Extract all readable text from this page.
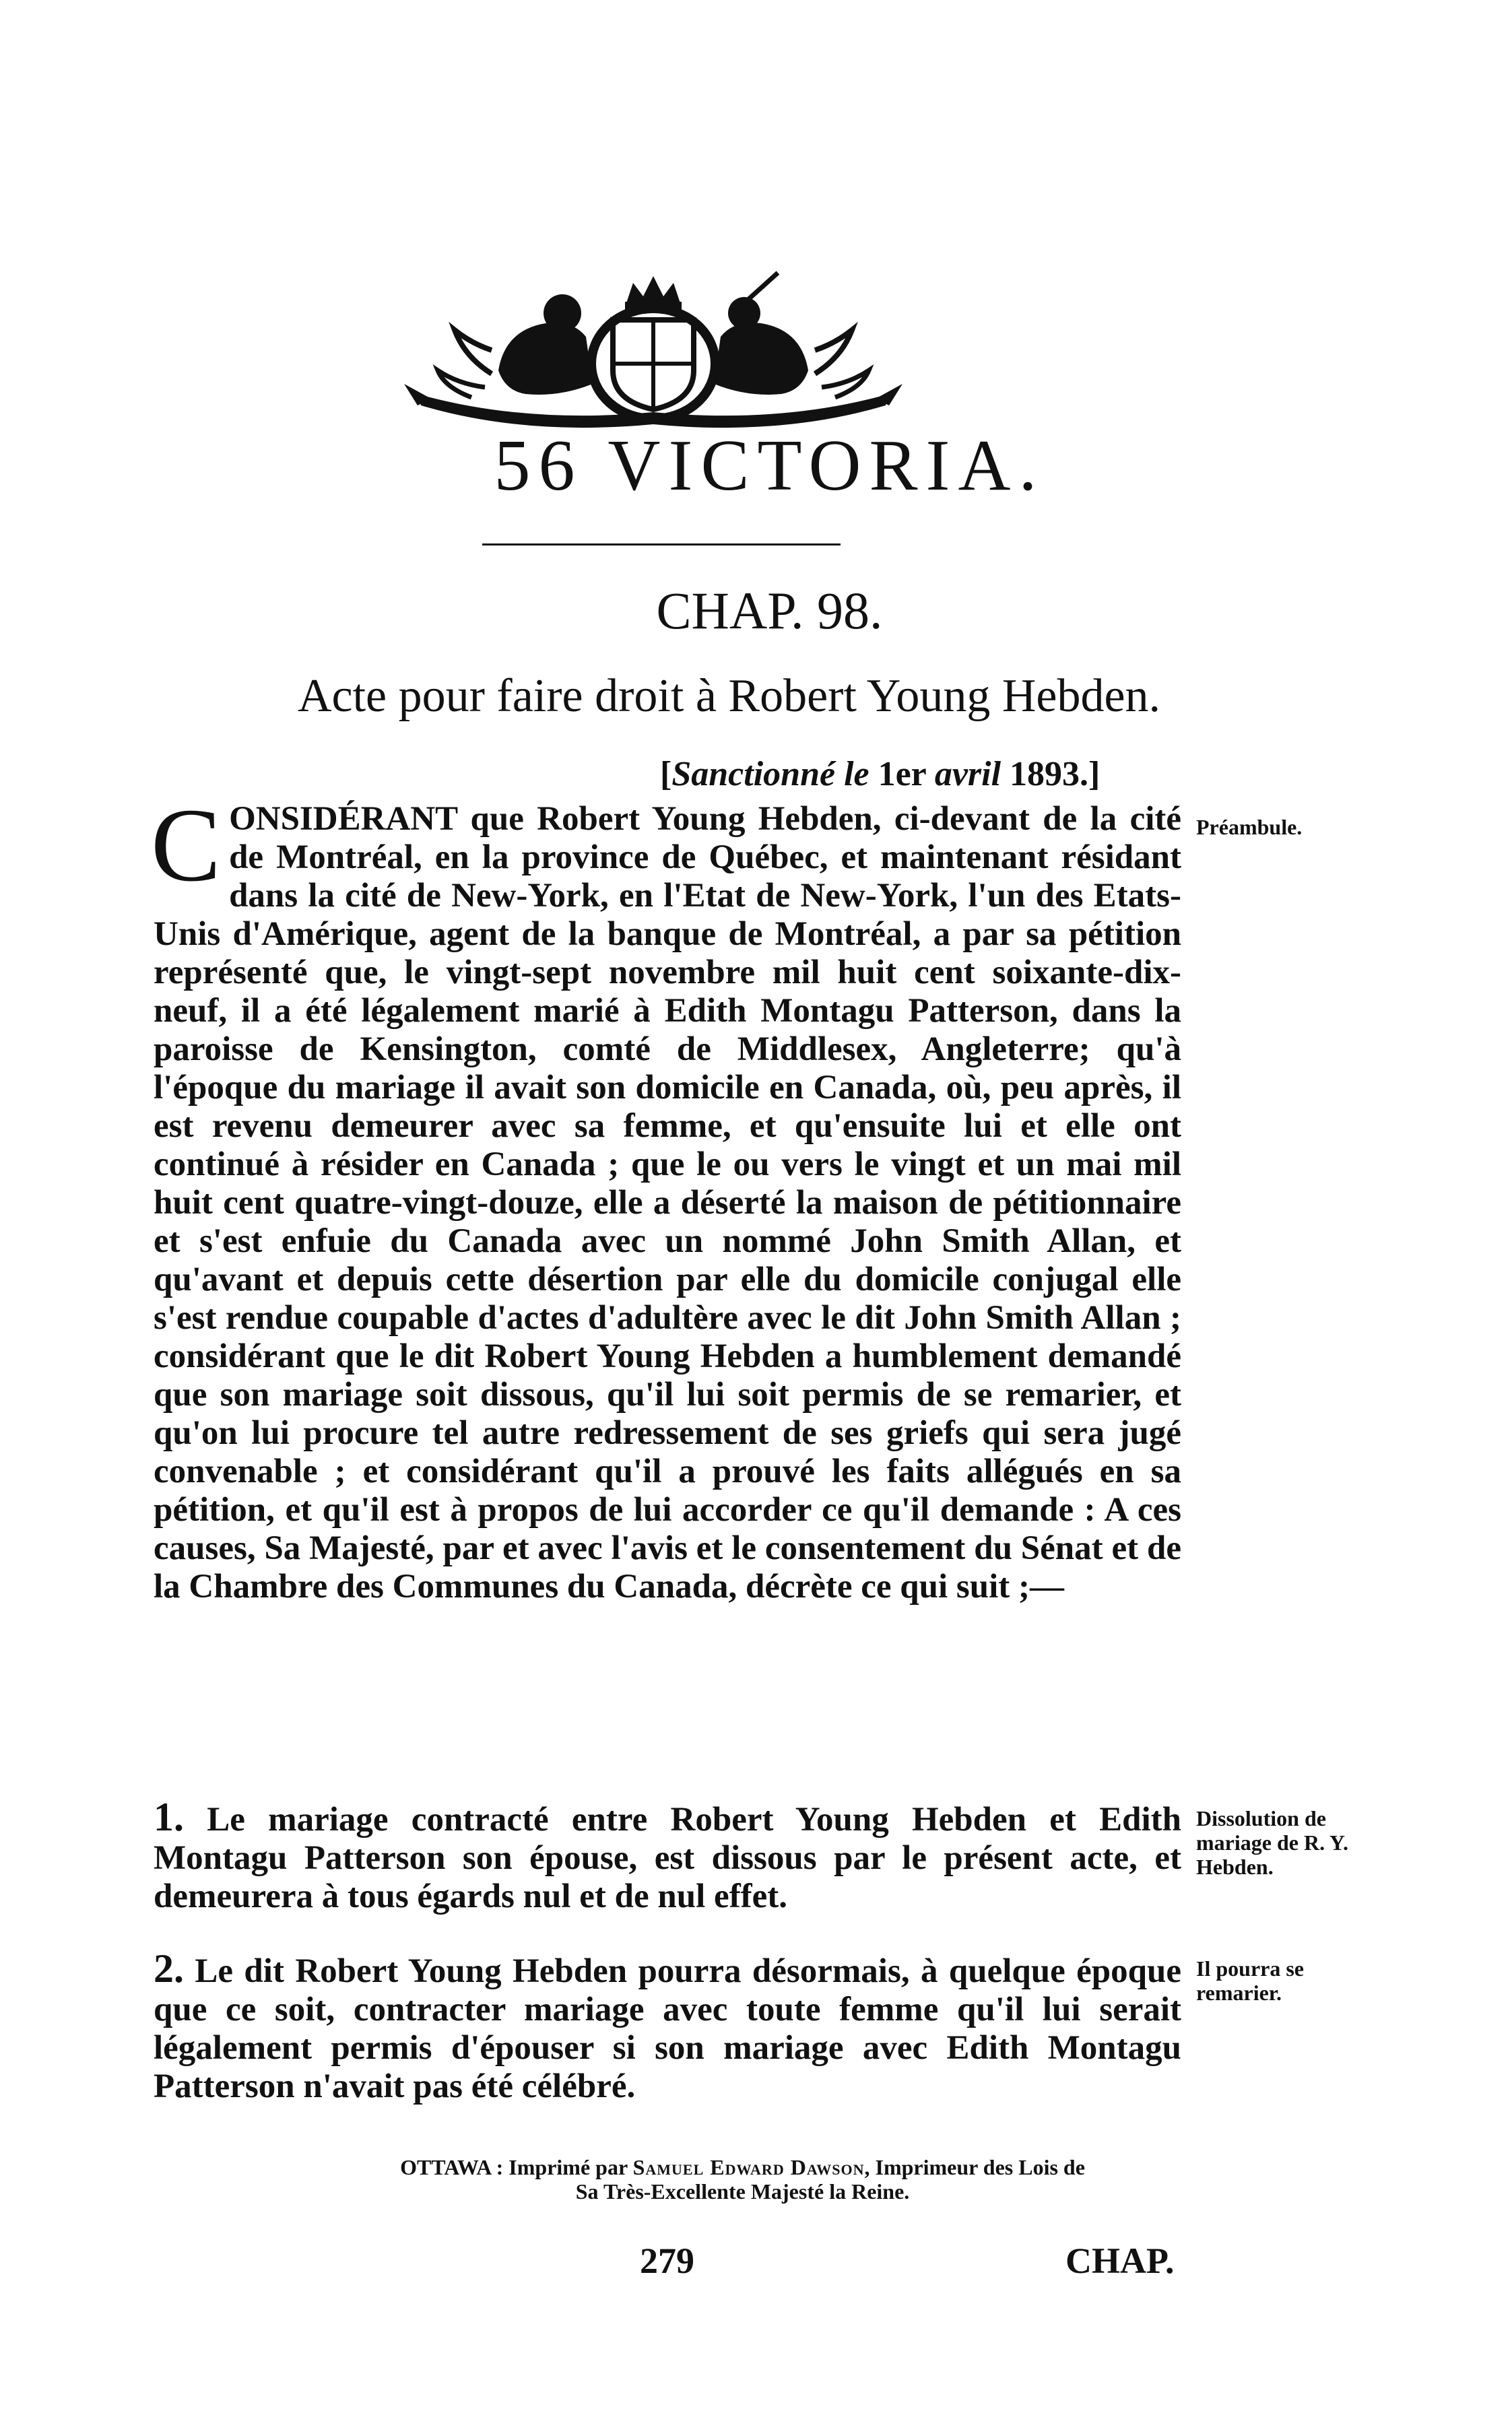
56 VICTORIA.
CHAP. 98.
Acte pour faire droit à Robert Young Hebden.
[Sanctionné le 1er avril 1893.]
CONSIDÉRANT que Robert Young Hebden, ci-devant de la cité de Montréal, en la province de Québec, et maintenant résidant dans la cité de New-York, en l'Etat de New-York, l'un des Etats-Unis d'Amérique, agent de la banque de Montréal, a par sa pétition représenté que, le vingt-sept novembre mil huit cent soixante-dix-neuf, il a été légalement marié à Edith Montagu Patterson, dans la paroisse de Kensington, comté de Middlesex, Angleterre; qu'à l'époque du mariage il avait son domicile en Canada, où, peu après, il est revenu demeurer avec sa femme, et qu'ensuite lui et elle ont continué à résider en Canada ; que le ou vers le vingt et un mai mil huit cent quatre-vingt-douze, elle a déserté la maison de pétitionnaire et s'est enfuie du Canada avec un nommé John Smith Allan, et qu'avant et depuis cette désertion par elle du domicile conjugal elle s'est rendue coupable d'actes d'adultère avec le dit John Smith Allan ; considérant que le dit Robert Young Hebden a humblement demandé que son mariage soit dissous, qu'il lui soit permis de se remarier, et qu'on lui procure tel autre redressement de ses griefs qui sera jugé convenable ; et considérant qu'il a prouvé les faits allégués en sa pétition, et qu'il est à propos de lui accorder ce qu'il demande : A ces causes, Sa Majesté, par et avec l'avis et le consentement du Sénat et de la Chambre des Communes du Canada, décrète ce qui suit ;—
Préambule.
1. Le mariage contracté entre Robert Young Hebden et Edith Montagu Patterson son épouse, est dissous par le présent acte, et demeurera à tous égards nul et de nul effet.
Dissolution de mariage de R. Y. Hebden.
2. Le dit Robert Young Hebden pourra désormais, à quelque époque que ce soit, contracter mariage avec toute femme qu'il lui serait légalement permis d'épouser si son mariage avec Edith Montagu Patterson n'avait pas été célébré.
Il pourra se remarier.
OTTAWA : Imprimé par Samuel Edward Dawson, Imprimeur des Lois de
Sa Très-Excellente Majesté la Reine.
279	CHAP.
